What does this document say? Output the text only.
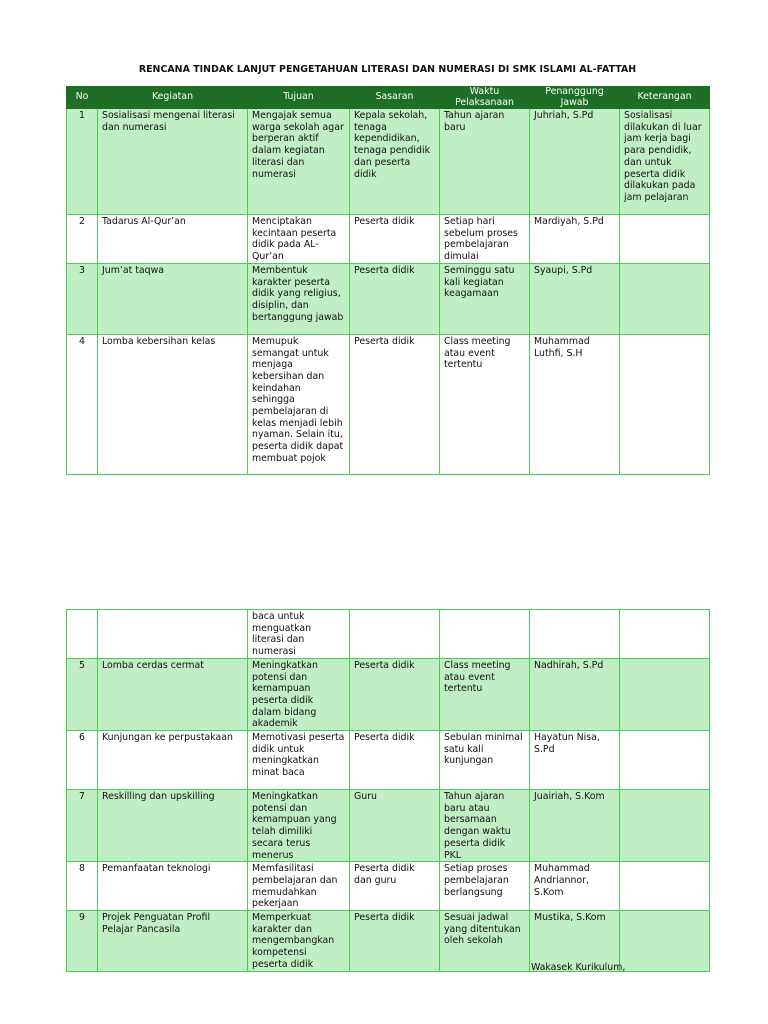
RENCANA TINDAK LANJUT PENGETAHUAN LITERASI DAN NUMERASI DI SMK ISLAMI AL-FATTAH
No	Kegiatan	Tujuan	Sasaran	Waktu Pelaksanaan	Penanggung Jawab	Keterangan
1	Sosialisasi mengenai literasi dan numerasi	Mengajak semua warga sekolah agar berperan aktif dalam kegiatan literasi dan numerasi	Kepala sekolah, tenaga kependidikan, tenaga pendidik dan peserta didik	Tahun ajaran baru	Juhriah, S.Pd	Sosialisasi dilakukan di luar jam kerja bagi para pendidik, dan untuk peserta didik dilakukan pada jam pelajaran
2	Tadarus Al-Qur’an	Menciptakan kecintaan peserta didik pada AL-Qur’an	Peserta didik	Setiap hari sebelum proses pembelajaran dimulai	Mardiyah, S.Pd	
3	Jum’at taqwa	Membentuk karakter peserta didik yang religius, disiplin, dan bertanggung jawab	Peserta didik	Seminggu satu kali kegiatan keagamaan	Syaupi, S.Pd	
4	Lomba kebersihan kelas	Memupuk semangat untuk menjaga kebersihan dan keindahan sehingga pembelajaran di kelas menjadi lebih nyaman. Selain itu, peserta didik dapat membuat pojok	Peserta didik	Class meeting atau event tertentu	Muhammad Luthfi, S.H	
		baca untuk menguatkan literasi dan numerasi				
5	Lomba cerdas cermat	Meningkatkan potensi dan kemampuan peserta didik dalam bidang akademik	Peserta didik	Class meeting atau event tertentu	Nadhirah, S.Pd	
6	Kunjungan ke perpustakaan	Memotivasi peserta didik untuk meningkatkan minat baca	Peserta didik	Sebulan minimal satu kali kunjungan	Hayatun Nisa, S.Pd	
7	Reskilling dan upskilling	Meningkatkan potensi dan kemampuan yang telah dimiliki secara terus menerus	Guru	Tahun ajaran baru atau bersamaan dengan waktu peserta didik PKL	Juairiah, S.Kom	
8	Pemanfaatan teknologi	Memfasilitasi pembelajaran dan memudahkan pekerjaan	Peserta didik dan guru	Setiap proses pembelajaran berlangsung	Muhammad Andriannor, S.Kom	
9	Projek Penguatan Profil Pelajar Pancasila	Memperkuat karakter dan mengembangkan kompetensi peserta didik	Peserta didik	Sesuai jadwal yang ditentukan oleh sekolah	Mustika, S.Kom	
Wakasek Kurikulum,
